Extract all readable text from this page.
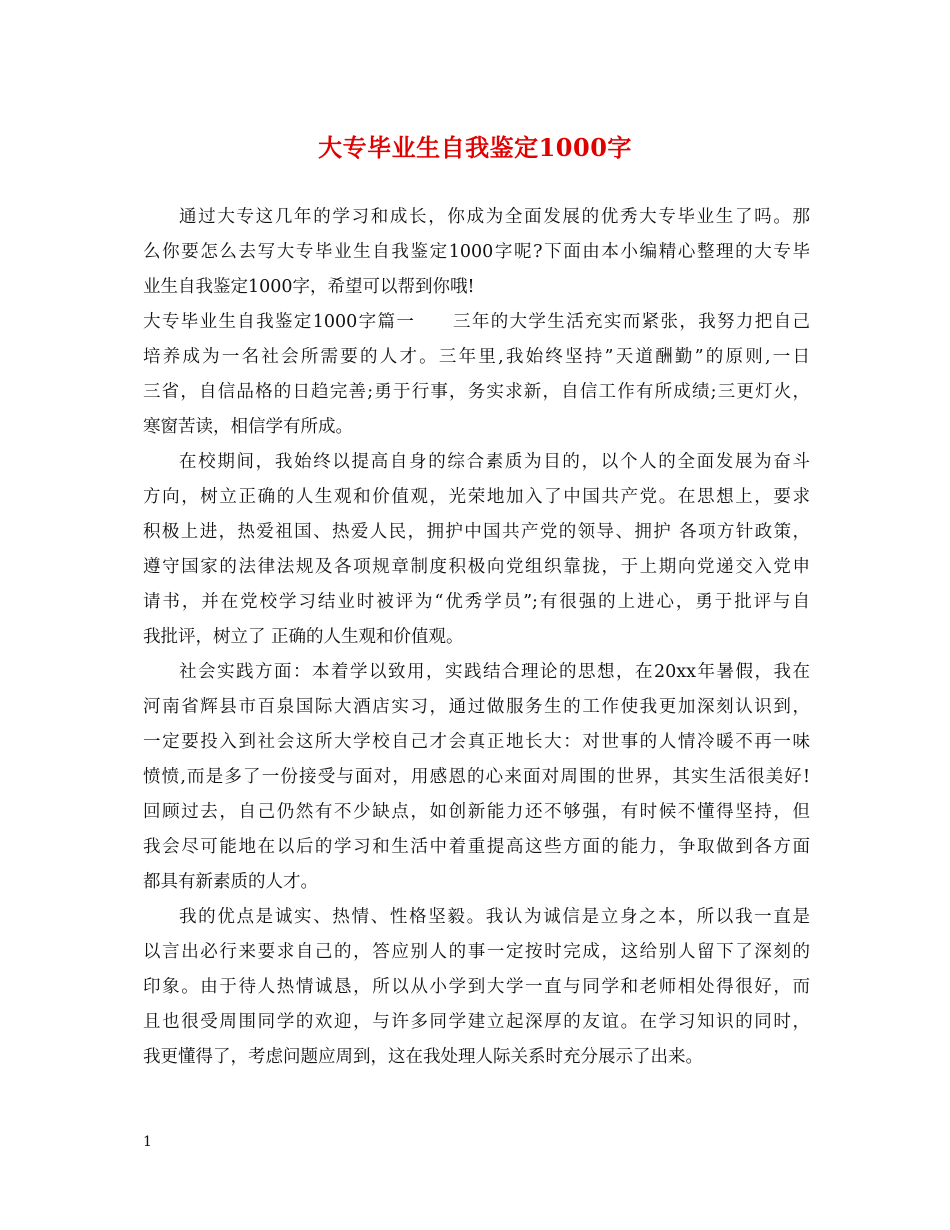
大专毕业生自我鉴定1000字
通过大专这几年的学习和成长，你成为全面发展的优秀大专毕业生了吗。那
么你要怎么去写大专毕业生自我鉴定1000字呢?下面由本小编精心整理的大专毕
业生自我鉴定1000字，希望可以帮到你哦!
大专毕业生自我鉴定1000字篇一　　三年的大学生活充实而紧张，我努力把自己
培养成为一名社会所需要的人才。三年里,我始终坚持”天道酬勤”的原则,一日
三省，自信品格的日趋完善;勇于行事，务实求新，自信工作有所成绩;三更灯火，
寒窗苦读，相信学有所成。
在校期间，我始终以提高自身的综合素质为目的，以个人的全面发展为奋斗
方向，树立正确的人生观和价值观，光荣地加入了中国共产党。在思想上，要求
积极上进，热爱祖国、热爱人民，拥护中国共产党的领导、拥护 各项方针政策，
遵守国家的法律法规及各项规章制度积极向党组织靠拢，于上期向党递交入党申
请书，并在党校学习结业时被评为“优秀学员”;有很强的上进心，勇于批评与自
我批评，树立了 正确的人生观和价值观。
社会实践方面：本着学以致用，实践结合理论的思想，在20xx年暑假，我在
河南省辉县市百泉国际大酒店实习，通过做服务生的工作使我更加深刻认识到，
一定要投入到社会这所大学校自己才会真正地长大：对世事的人情冷暖不再一味
愤愤,而是多了一份接受与面对，用感恩的心来面对周围的世界，其实生活很美好!
回顾过去，自己仍然有不少缺点，如创新能力还不够强，有时候不懂得坚持，但
我会尽可能地在以后的学习和生活中着重提高这些方面的能力，争取做到各方面
都具有新素质的人才。
我的优点是诚实、热情、性格坚毅。我认为诚信是立身之本，所以我一直是
以言出必行来要求自己的，答应别人的事一定按时完成，这给别人留下了深刻的
印象。由于待人热情诚恳，所以从小学到大学一直与同学和老师相处得很好，而
且也很受周围同学的欢迎，与许多同学建立起深厚的友谊。在学习知识的同时，
我更懂得了，考虑问题应周到，这在我处理人际关系时充分展示了出来。
1
